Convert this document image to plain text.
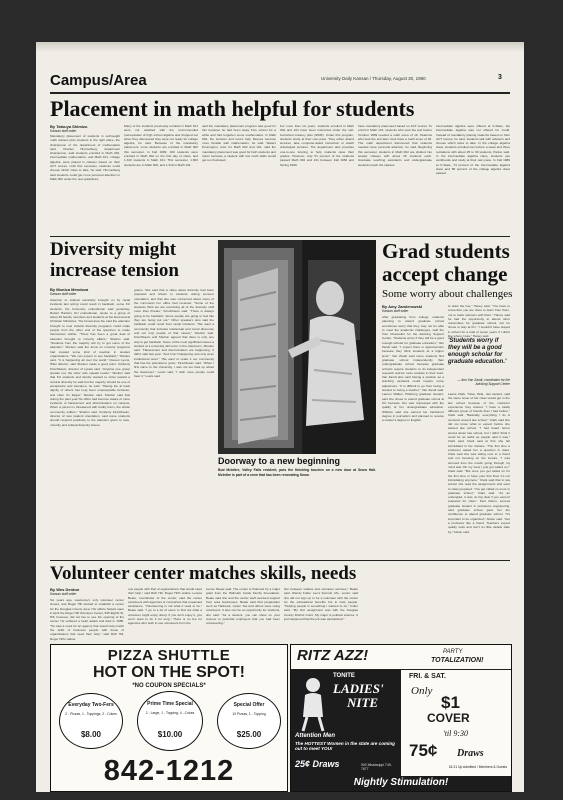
Campus/Area	University Daily Kansan / Thursday, August 30, 1990	3
Placement in math helpful for students
By Tatsuya Shimizu
Kansan staff writer
Mandatory placement of students in self-taught math classes puts students in the right place, the chairperson of the department of mathematics said. Charles Himmelberg, department chairperson, said students enrolled in Math 002, intermediate mathematics, and Math 101, college algebra, were placed in classes based on their ACT scores. Until this semester, students could choose which class to take, he said. Himmelberg said students could get more personal attention in Math 002 under the new guidelines.
Many of the students previously enrolled in Math 101 were not satisfied with the recommended prerequisites of high school algebra and dropped out when they discovered they were not ready for college algebra, he said. Because of the mandatory placement, more students are enrolled in Math 002 this semester. In Fall 1989, 160 students were enrolled in Math 002 on the first day of class, and 1,340 students in Math 101. This semester, 1,600 students are in Math 002, and 1,310 in Math 101.
said the mandatory placement program was good for him because he had been away from school for a while and had forgotten some mathematics. In Math 002, the lectures and tutors help Reeves become more familiar with mathematics, he said. Waters Pennington, tutor for Math 002 and 101, said the mandatory placement was good for both students and tutors because a student with low math skills would get too frustrated.
For more than six years, students enrolled in Math 002 and 101 have been instructed under the self-instructed mastery plan (SIMP). Under this program, students study at their own pace. They either attend lectures, take computer-aided instruction or watch videotaped lectures. The department also provides one-to-one tutoring to help students raise their grades. However, only 51 percent of the students passed Math 002 and 101 between Fall 1984 and Spring 1990.
have mandatory placement based on ACT scores. To enroll in Math 101, students who took the test before October 1989 needed a math score of 19. Students who took the test later must have a math score of 20. The math department discovered that students needed more personal attention, he said. Beginning this semester, students in Math 002 are divided into weekly classes with about 25 students each. Graduate teaching assistants and undergraduate students teach the classes.
intermediate algebra were offered at K-State, but intermediate algebra was not offered for credit. Instead of mandatory placing students based on their ACT scores, he said, students talk with advisers and choose which class to take. In the college algebra class, students enrolled can lecture a week and three recitations with about 25 to 30 students, Parker said. In the intermediate algebra class, students use workbooks and study at their own pace. In Fall 1989 at K-State, 74 percent of the intermediate algebra class and 58 percent of the college algebra class passed.
Diversity might
increase tension
By Monica Mendoza
Kansan staff writer
Attention to cultural sensitivity brought on by racial incidents last spring could result in backlash, some KU students, the University ombudsman said yesterday. Robert Hartwin, KU ombudsman, spoke to a group of about 40 faculty members and students at the Ecumenical Christian Ministries. The broad area the said the attention brought to new cultural diversity programs could make people from the other end of the spectrum to make themselves visible. "There has been a great deal of attention brought to minority affairs," Shelton said. "Students from the majority will try to get some of the attention." Shelton said the focus on minority programs had created some kind of reaction in student organizations. "We can expect to see backlash," Shelton said. "It is happening all over the world." Doreen Lyons, Hillel director, said Shelton made a good point. Kimberly Kirschbaum, director of Lyrata said, "Anytime one group speaks out, the other side speaks louder." Shelton said that KU students and faculty wanted to strive toward a cultural diversity he said but the majority should be one of acceptance and tolerance, he said. "Having the at least dignity of others has long been unacceptable behavior, and often it's illegal," Shelton said. Shelton said that during the past year his office had become aware of more incidents of harassment and discrimination on campus. When a person is threatened with bodily harm, the whole community suffers," Shelton said. Kimberly Kirschbaum, director of new student orientation, said some students should respond positively to the attention given to race, minority and cultural diversity issues.
grams. She said that a video about diversity had been prepared and shown to students during summer orientation, and that she was concerned about some of the comments her office had received. "Some of the students think we are overdoing all of the diversity stuff more than threats," Kirschbaum said. "There is always going to be backlash. Some people are going to feel like they are being put out." Other speakers also said the backlash could result from racial incidents. "We want a community that includes intellectual and moral discourse and not only people of that means," Shelton said. Kirschbaum and Shelton agreed that there is only one way to get backlash. Some of the most significant issues a student at a university will occur in the classroom, Shelton said. "Harassment and discrimination are happening. It didn't start last year. "And it isn't happening now only at an institutional level." "We want to make it our community that has the potential to grow," Kirschbaum said. "When I first came to the University, I was not too fired up about the classroom." Lewis said, "I wish more people could hear it," Lewis said.
Doorway to a new beginning
Bud McIntire, Valley Falls resident, puts the finishing touches on a new door at Snow Hall. McIntire is part of a crew that has been renovating Snow.
Grad students
accept change
Some worry about challenges
By Amy Zamierowski
Kansan staff writer
After graduating from college, students planning to attend graduate school sometimes worry that they may not be able to meet the academic challenges, said the Vice Chancellor for the Advising Support Center. "Students worry if they will be a good enough scholar for graduate education," Van Zandt said. "I expect there is apprehension because they think students at a higher level." Van Zandt said some students find graduate school independently than undergraduate school because graduate schools require students to do independent research and be more creative in their work. Van Zandt also said having a position as a teaching assistant could require some adjustment. "It is difficult to go from being a student to being a teacher," Van Zandt said. Lauren Walker, Pittsburg graduate student, said she chose to attend graduate school at KU because she was impressed with the quality of her undergraduate education. Whitlow said she earned her bachelor's degree in journalism and planned to receive a master's degree in English.
to draw the line," Haney said. "You have to remember you are there to learn from them, not to trade opinions with them." Haney said he had the opportunity to attend other universities for graduate school, but he chose to stay at KU. "I wouldn't have stayed in school for a total of seven years if I didn't like where I was," Haney said.
'Students worry if they will be a good enough scholar for graduate education.'
— Ann Van Zandt, coordinator for the Advising Support Center
Laurie Clark, Tulsa, Okla., law student, said the same issue of her class would get in the law school because of the customer experience they shared. "I have a totally different group of friends than I had before," Clark said. "Basically, everything I do is centered around law school." Clark said she did not know what to expect before she started law school. "I had heard horror stories about law school, but I didn't think it could be as awful as people said it was," Clark said. Clark said at first she felt intimidated in her classes. "The first time a professor asked her a question in class, Clark said she was sitting next to a friend and not focusing on the lecture. "I was stunned from the mouth going through my mind was 'Oh my God, I just got called on,'" Clark said. "But once you get called on for the first time or have your first final, it's not intimidating anymore." Clark said that in law school she read the assignments and went to class prepared. "You get called on more in graduate school," Clark said. "As an undergrad, it was no big deal if you weren't prepared for class." Kent Alston, Lenexa graduate student in petroleum engineering, said graduate school gave her the confidence to attend graduate school. "It's important to be organized," Alston said. "Get a professor like a friend. Teachers expect quality work and don't let little details slide by," Alston said.
Volunteer center matches skills, needs
By Wes Denton
Kansan staff writer
Six years ago, Lawrence's only volunteer center closed, and Roger Hill worked to establish a center for the Douglas County area. His efforts helped open in April the Roger Hill Volunteer Center, 935 Eighth St. Hill, however, did not live to see the opening of the center. He suffered a heart attack and died in 1988. "He saw a need for an agency that would help match the skills of business people with those of organizations that need their help," said Rich Hill, Roger Hill's widow.
ous people with that of organizations that would need their help," said Rich Hill, Roger Hill's widow. Lenora Beate, coordinator of the center, said the center volunteers with agencies or companies that requested assistance. "Volunteering is not what it used to be," Beate said. "I go to a lot of users to find out what a volunteer might enjoy doing. If you don't enjoy it, you won't want to do it for long." There is no fee for agencies who wish to use volunteers from the
center, Beate said. The center is financed by a major grant from the Hallmark Cards Family Foundation. Beate said she and the center staff received support from area businesses. Beate said that preparation such as Hallmark, Lipton Tea and others were using volunteers. It also can be an opportunity for students, she said. "As a student, you can show on your resume to potential employers that you had been volunteering."
tion between studies and volunteer services," Beate said. Wendy Fuller, Lee's Summit, Mo., senior, said she did not sign up to be a volunteer with the center for the educational benefits but to help people. "Helping people is something I wanted to do," Fuller said. "My first assignment was with the Douglas County District Court. My major is political science. It just happened that the job was educational."
PIZZA SHUTTLE
HOT ON THE SPOT!
*NO COUPON SPECIALS*
Everyday Two-Fers
2 - Pizzas, 1 - Toppings, 2 - Cokes
$8.00
Prime Time Special
2 - Large, 1 - Topping, 4 - Cokes
$10.00
Special Offer
10 Pizzas, 1 - Topping
$25.00
842-1212
RITZ AZZ!	PARTY
TOTALIZATION!
TONITE
LADIES'
NITE
Attention Men
The HOTTEST Women in the state are coming out to meet YOU!
25¢ Draws	900 Mississippi 749-7677
FRI. & SAT.
Only
$1
COVER
'til 9:30
75¢ Draws
18-21 Up Admitted / Members & Guests
Nightly Stimulation!
